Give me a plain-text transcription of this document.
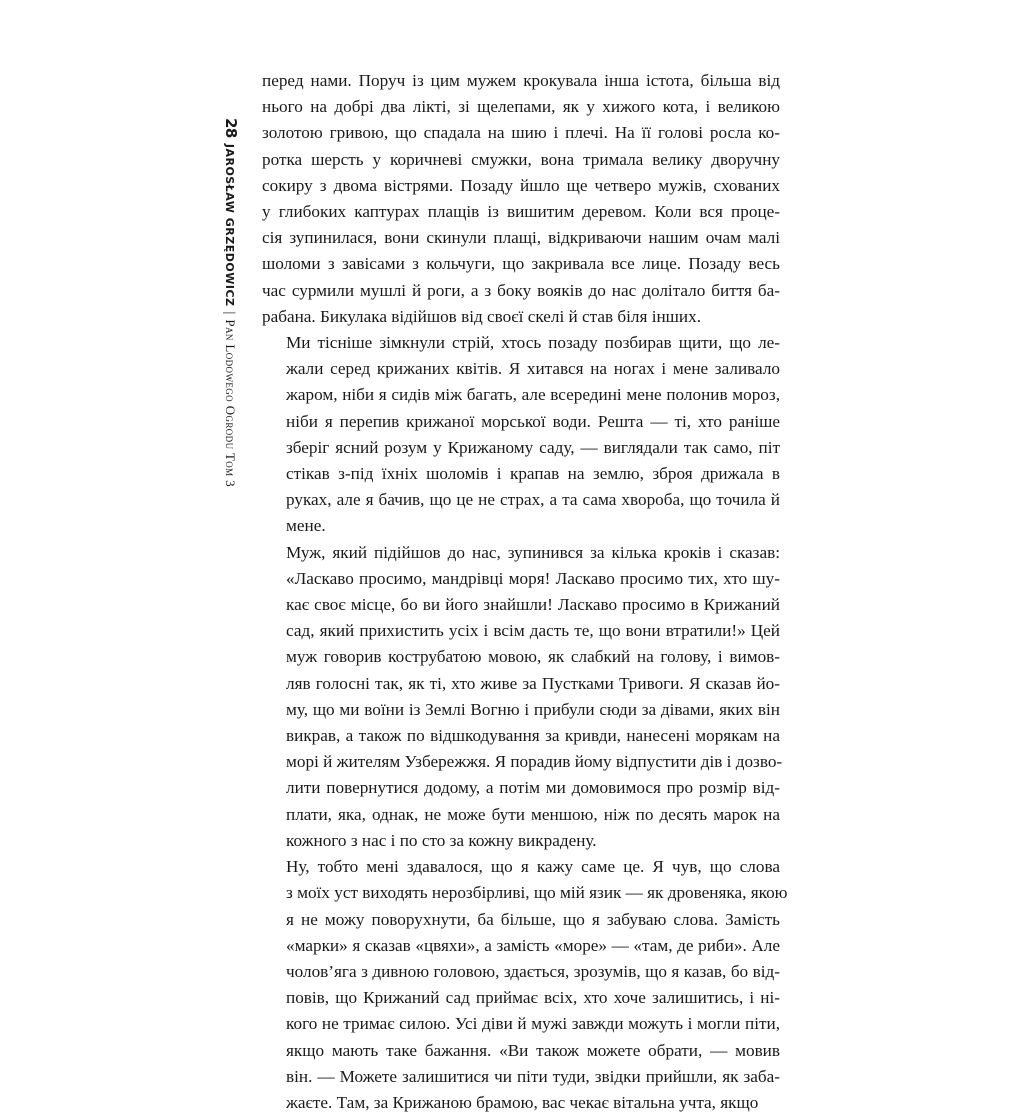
28
JAROSŁAW GRZĘDOWICZ
|
Pan Lodowego Ogrodu Tom 3

перед нами. Поруч із цим мужем крокувала інша істота, більша від
нього на добрі два лікті, зі щелепами, як у хижого кота, і великою
золотою гривою, що спадала на шию і плечі. На її голові росла ко-
ротка шерсть у коричневі смужки, вона тримала велику дворучну
сокиру з двома вістрями. Позаду йшло ще четверо мужів, схованих
у глибоких каптурах плащів із вишитим деревом. Коли вся проце-
сія зупинилася, вони скинули плащі, відкриваючи нашим очам малі
шоломи з завісами з кольчуги, що закривала все лице. Позаду весь
час сурмили мушлі й роги, а з боку вояків до нас долітало биття ба-
рабана. Бикулака відійшов від своєї скелі й став біля інших.

Ми тісніше зімкнули стрій, хтось позаду позбирав щити, що ле-
жали серед крижаних квітів. Я хитався на ногах і мене заливало
жаром, ніби я сидів між багать, але всередині мене полонив мороз,
ніби я перепив крижаної морської води. Решта — ті, хто раніше
зберіг ясний розум у Крижаному саду, — виглядали так само, піт
стікав з-під їхніх шоломів і крапав на землю, зброя дрижала в
руках, але я бачив, що це не страх, а та сама хвороба, що точила й
мене.

Муж, який підійшов до нас, зупинився за кілька кроків і сказав:
«Ласкаво просимо, мандрівці моря! Ласкаво просимо тих, хто шу-
кає своє місце, бо ви його знайшли! Ласкаво просимо в Крижаний
сад, який прихистить усіх і всім дасть те, що вони втратили!» Цей
муж говорив кострубатою мовою, як слабкий на голову, і вимов-
ляв голосні так, як ті, хто живе за Пустками Тривоги. Я сказав йо-
му, що ми воїни із Землі Вогню і прибули сюди за дівами, яких він
викрав, а також по відшкодування за кривди, нанесені морякам на
морі й жителям Узбережжя. Я порадив йому відпустити дів і дозво-
лити повернутися додому, а потім ми домовимося про розмір від-
плати, яка, однак, не може бути меншою, ніж по десять марок на
кожного з нас і по сто за кожну викрадену.

Ну, тобто мені здавалося, що я кажу саме це. Я чув, що слова
з моїх уст виходять нерозбірливі, що мій язик — як дровеняка, якою
я не можу поворухнути, ба більше, що я забуваю слова. Замість
«марки» я сказав «цвяхи», а замість «море» — «там, де риби». Але
чолов’яга з дивною головою, здається, зрозумів, що я казав, бо від-
повів, що Крижаний сад приймає всіх, хто хоче залишитись, і ні-
кого не тримає силою. Усі діви й мужі завжди можуть і могли піти,
якщо мають таке бажання. «Ви також можете обрати, — мовив
він. — Можете залишитися чи піти туди, звідки прийшли, як заба-
жаєте. Там, за Крижаною брамою, вас чекає вітальна учта, якщо
